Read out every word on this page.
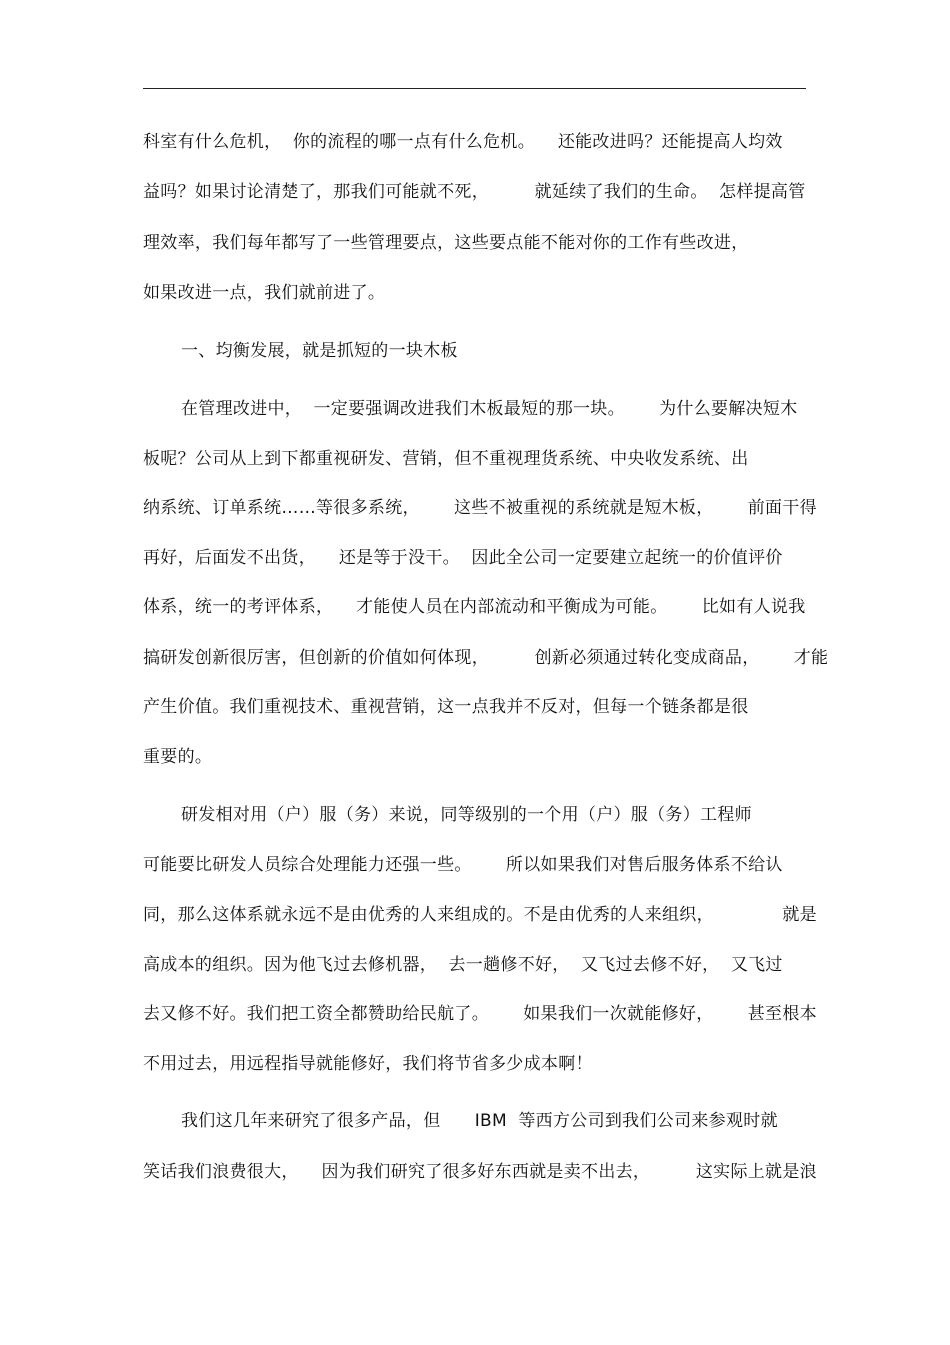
科室有什么危机，  你的流程的哪一点有什么危机。    还能改进吗？还能提高人均效
益吗？如果讨论清楚了，那我们可能就不死，        就延续了我们的生命。  怎样提高管
理效率，我们每年都写了一些管理要点，这些要点能不能对你的工作有些改进，
如果改进一点，我们就前进了。
一、均衡发展，就是抓短的一块木板
在管理改进中，  一定要强调改进我们木板最短的那一块。      为什么要解决短木
板呢？公司从上到下都重视研发、营销，但不重视理货系统、中央收发系统、出
纳系统、订单系统……等很多系统，      这些不被重视的系统就是短木板，      前面干得
再好，后面发不出货，    还是等于没干。  因此全公司一定要建立起统一的价值评价
体系，统一的考评体系，    才能使人员在内部流动和平衡成为可能。      比如有人说我
搞研发创新很厉害，但创新的价值如何体现，        创新必须通过转化变成商品，      才能
产生价值。我们重视技术、重视营销，这一点我并不反对，但每一个链条都是很
重要的。
研发相对用（户）服（务）来说，同等级别的一个用（户）服（务）工程师
可能要比研发人员综合处理能力还强一些。      所以如果我们对售后服务体系不给认
同，那么这体系就永远不是由优秀的人来组成的。不是由优秀的人来组织，            就是
高成本的组织。因为他飞过去修机器，  去一趟修不好，  又飞过去修不好，  又飞过
去又修不好。我们把工资全都赞助给民航了。      如果我们一次就能修好，      甚至根本
不用过去，用远程指导就能修好，我们将节省多少成本啊！
我们这几年来研究了很多产品，但      IBM  等西方公司到我们公司来参观时就
笑话我们浪费很大，    因为我们研究了很多好东西就是卖不出去，        这实际上就是浪
